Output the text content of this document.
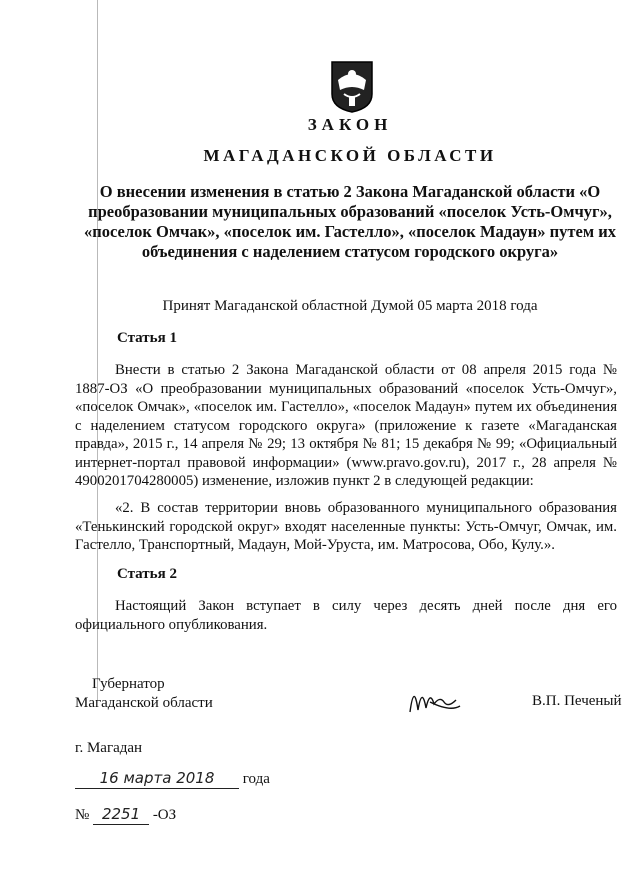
ЗАКОН
МАГАДАНСКОЙ ОБЛАСТИ
О внесении изменения в статью 2 Закона Магаданской области «О преобразовании муниципальных образований «поселок Усть-Омчуг», «поселок Омчак», «поселок им. Гастелло», «поселок Мадаун» путем их объединения с наделением статусом городского округа»
Принят Магаданской областной Думой 05 марта 2018 года
Статья 1
Внести в статью 2 Закона Магаданской области от 08 апреля 2015 года № 1887-ОЗ «О преобразовании муниципальных образований «поселок Усть-Омчуг», «поселок Омчак», «поселок им. Гастелло», «поселок Мадаун» путем их объединения с наделением статусом городского округа» (приложение к газете «Магаданская правда», 2015 г., 14 апреля № 29; 13 октября № 81; 15 декабря № 99; «Официальный интернет-портал правовой информации» (www.pravo.gov.ru), 2017 г., 28 апреля № 4900201704280005) изменение, изложив пункт 2 в следующей редакции:
«2. В состав территории вновь образованного муниципального образования «Тенькинский городской округ» входят населенные пункты: Усть-Омчуг, Омчак, им. Гастелло, Транспортный, Мадаун, Мой-Уруста, им. Матросова, Обо, Кулу.».
Статья 2
Настоящий Закон вступает в силу через десять дней после дня его официального опубликования.
Губернатор
Магаданской области	В.П. Печеный
г. Магадан
16 марта 2018 года
№ 2251 -ОЗ
